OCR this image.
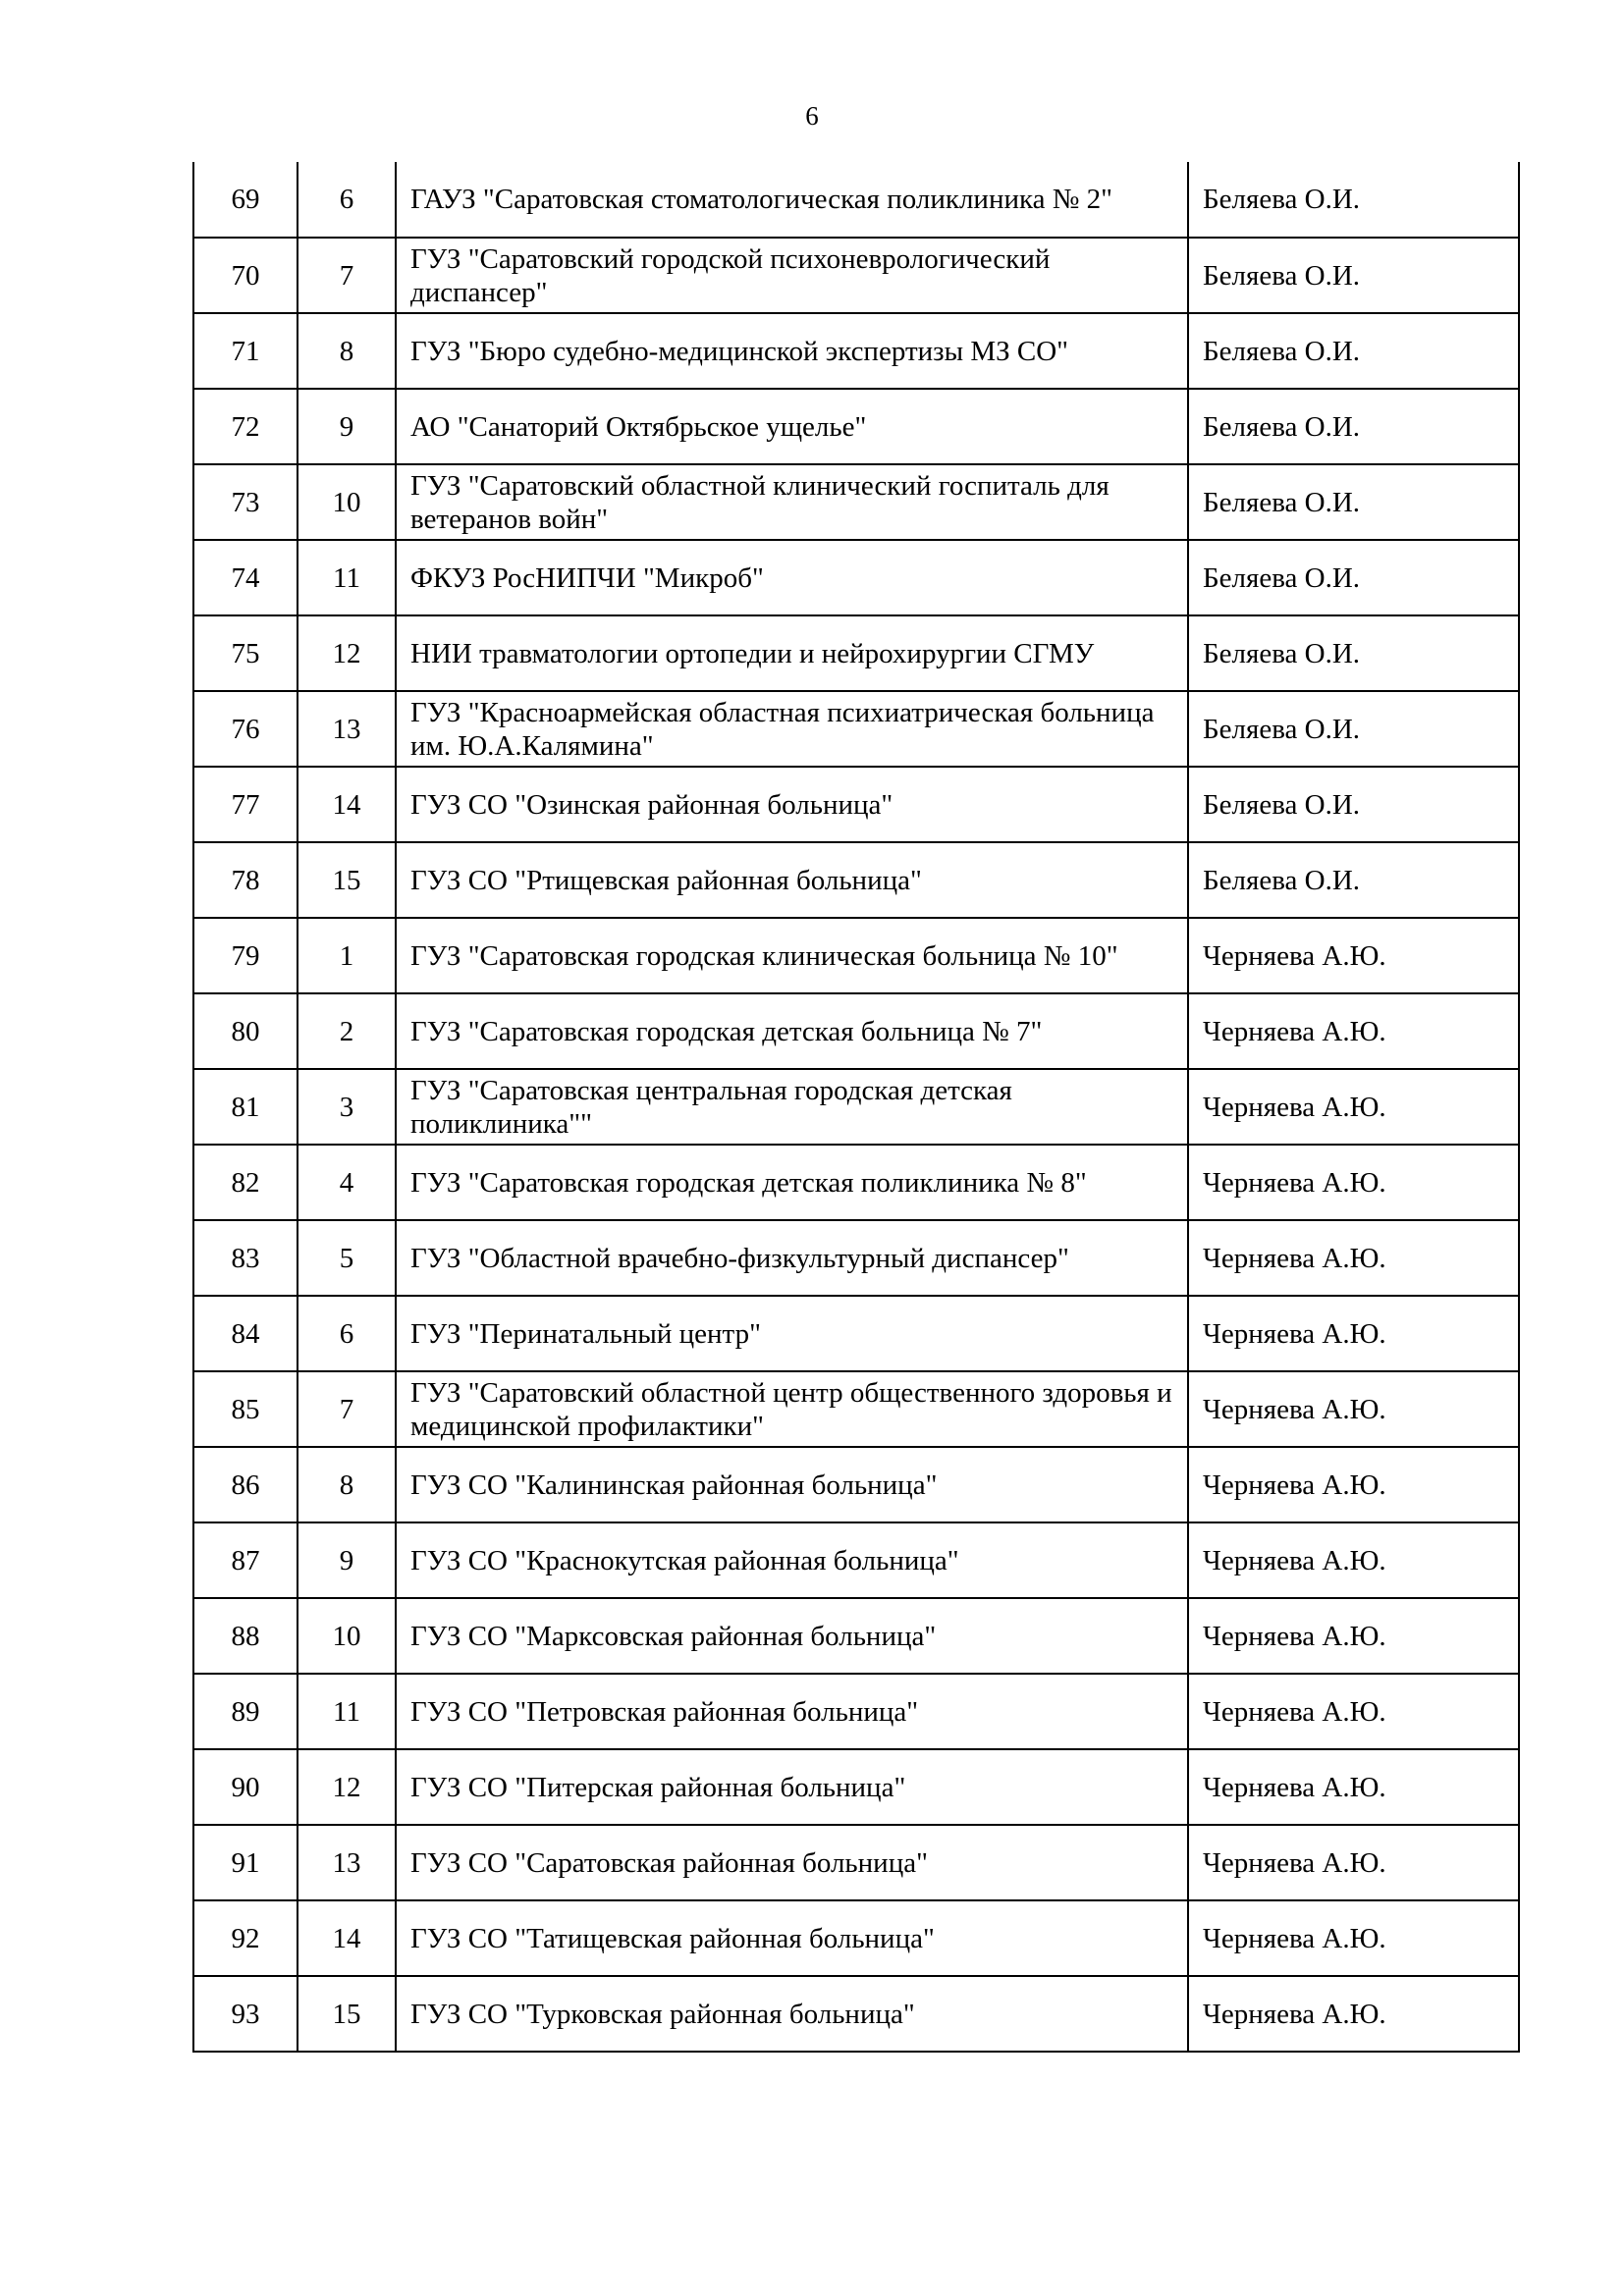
6
69	6	ГАУЗ "Саратовская стоматологическая поликлиника № 2"	Беляева О.И.
70	7	ГУЗ "Саратовский городской психоневрологический диспансер"	Беляева О.И.
71	8	ГУЗ "Бюро судебно-медицинской экспертизы МЗ СО"	Беляева О.И.
72	9	АО "Санаторий Октябрьское ущелье"	Беляева О.И.
73	10	ГУЗ "Саратовский областной клинический госпиталь для ветеранов войн"	Беляева О.И.
74	11	ФКУЗ РосНИПЧИ "Микроб"	Беляева О.И.
75	12	НИИ травматологии ортопедии и нейрохирургии СГМУ	Беляева О.И.
76	13	ГУЗ "Красноармейская областная психиатрическая больница им. Ю.А.Калямина"	Беляева О.И.
77	14	ГУЗ СО "Озинская районная больница"	Беляева О.И.
78	15	ГУЗ СО "Ртищевская районная больница"	Беляева О.И.
79	1	ГУЗ "Саратовская городская клиническая больница № 10"	Черняева А.Ю.
80	2	ГУЗ "Саратовская городская детская больница № 7"	Черняева А.Ю.
81	3	ГУЗ "Саратовская центральная городская детская поликлиника""	Черняева А.Ю.
82	4	ГУЗ "Саратовская городская детская поликлиника № 8"	Черняева А.Ю.
83	5	ГУЗ "Областной врачебно-физкультурный диспансер"	Черняева А.Ю.
84	6	ГУЗ "Перинатальный центр"	Черняева А.Ю.
85	7	ГУЗ "Саратовский областной центр общественного здоровья и медицинской профилактики"	Черняева А.Ю.
86	8	ГУЗ СО "Калининская районная больница"	Черняева А.Ю.
87	9	ГУЗ СО "Краснокутская районная больница"	Черняева А.Ю.
88	10	ГУЗ СО "Марксовская районная больница"	Черняева А.Ю.
89	11	ГУЗ СО "Петровская районная больница"	Черняева А.Ю.
90	12	ГУЗ СО "Питерская районная больница"	Черняева А.Ю.
91	13	ГУЗ СО "Саратовская районная больница"	Черняева А.Ю.
92	14	ГУЗ СО "Татищевская районная больница"	Черняева А.Ю.
93	15	ГУЗ СО "Турковская районная больница"	Черняева А.Ю.
